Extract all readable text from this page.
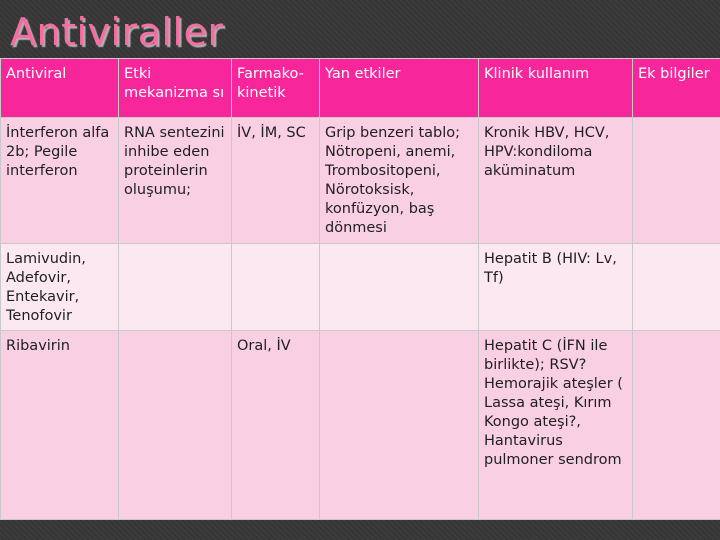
Antiviraller
Antiviral	Etki mekanizma sı	Farmako-kinetik	Yan etkiler	Klinik kullanım	Ek bilgiler
İnterferon alfa 2b; Pegile interferon	RNA sentezini inhibe eden proteinlerin oluşumu;	İV, İM, SC	Grip benzeri tablo; Nötropeni, anemi, Trombositopeni, Nörotoksisk, konfüzyon, baş dönmesi	Kronik HBV, HCV, HPV:kondiloma aküminatum	
Lamivudin, Adefovir, Entekavir, Tenofovir				Hepatit B (HIV: Lv, Tf)	
Ribavirin		Oral, İV		Hepatit C (İFN ile birlikte); RSV? Hemorajik ateşler ( Lassa ateşi, Kırım Kongo ateşi?, Hantavirus pulmoner sendrom	
